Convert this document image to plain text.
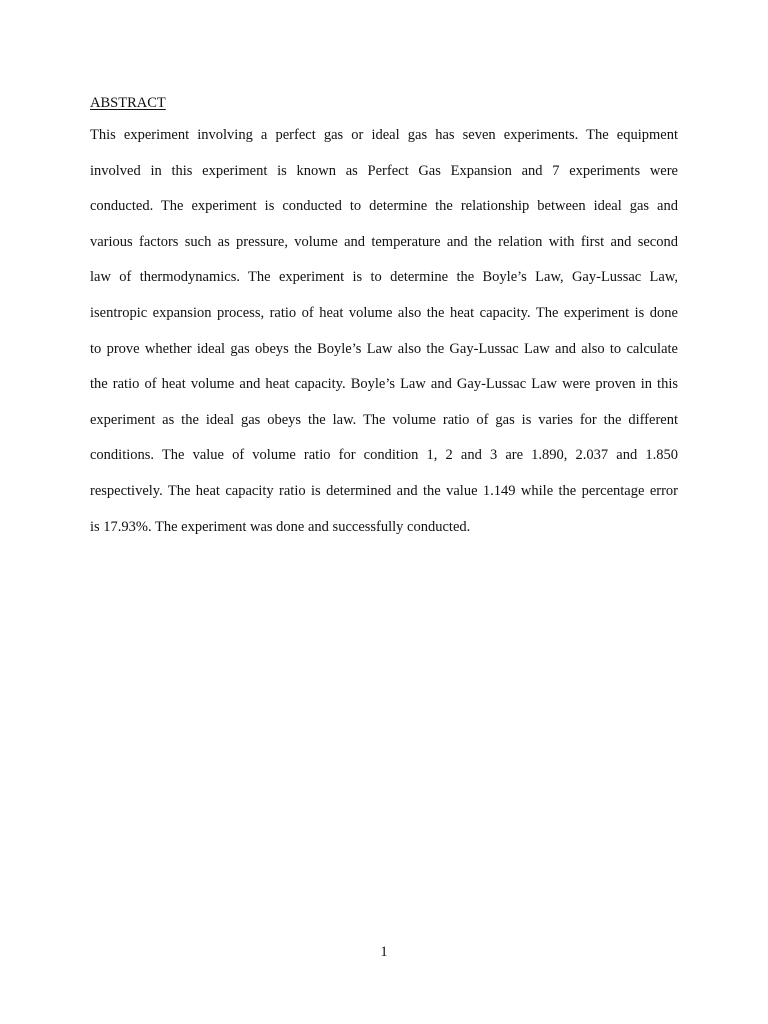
ABSTRACT
This experiment involving a perfect gas or ideal gas has seven experiments. The equipment
involved in this experiment is known as Perfect Gas Expansion and 7 experiments were
conducted. The experiment is conducted to determine the relationship between ideal gas and
various factors such as pressure, volume and temperature and the relation with first and second
law of thermodynamics. The experiment is to determine the Boyle’s Law, Gay-Lussac Law,
isentropic expansion process, ratio of heat volume also the heat capacity. The experiment is done
to prove whether ideal gas obeys the Boyle’s Law also the Gay-Lussac Law and also to calculate
the ratio of heat volume and heat capacity. Boyle’s Law and Gay-Lussac Law were proven in this
experiment as the ideal gas obeys the law. The volume ratio of gas is varies for the different
conditions. The value of volume ratio for condition 1, 2 and 3 are 1.890, 2.037 and 1.850
respectively. The heat capacity ratio is determined and the value 1.149 while the percentage error
is 17.93%. The experiment was done and successfully conducted.
1
